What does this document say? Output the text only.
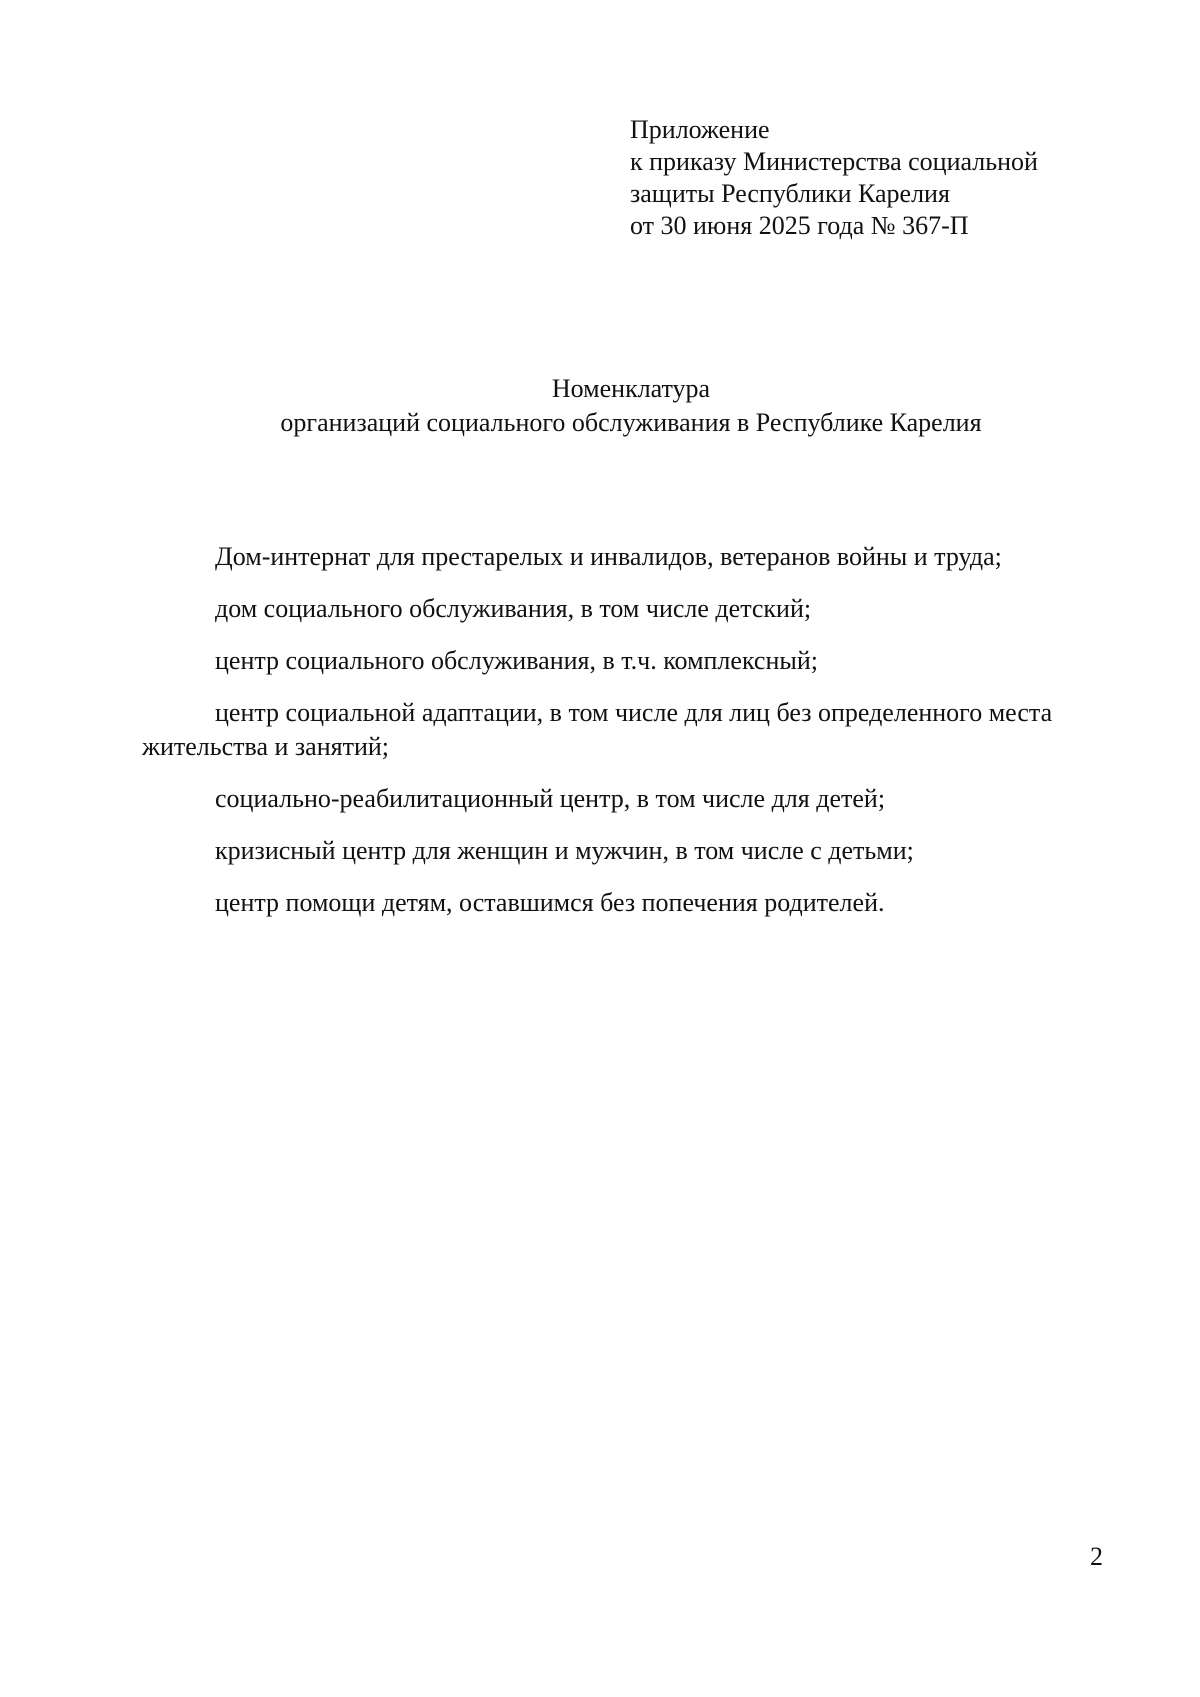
Приложение
к приказу Министерства социальной
защиты Республики Карелия
от 30 июня 2025 года № 367-П
Номенклатура
организаций социального обслуживания в Республике Карелия
Дом-интернат для престарелых и инвалидов, ветеранов войны и труда;
дом социального обслуживания, в том числе детский;
центр социального обслуживания, в т.ч. комплексный;
центр социальной адаптации, в том числе для лиц без определенного места жительства и занятий;
социально-реабилитационный центр, в том числе для детей;
кризисный центр для женщин и мужчин, в том числе с детьми;
центр помощи детям, оставшимся без попечения родителей.
2
